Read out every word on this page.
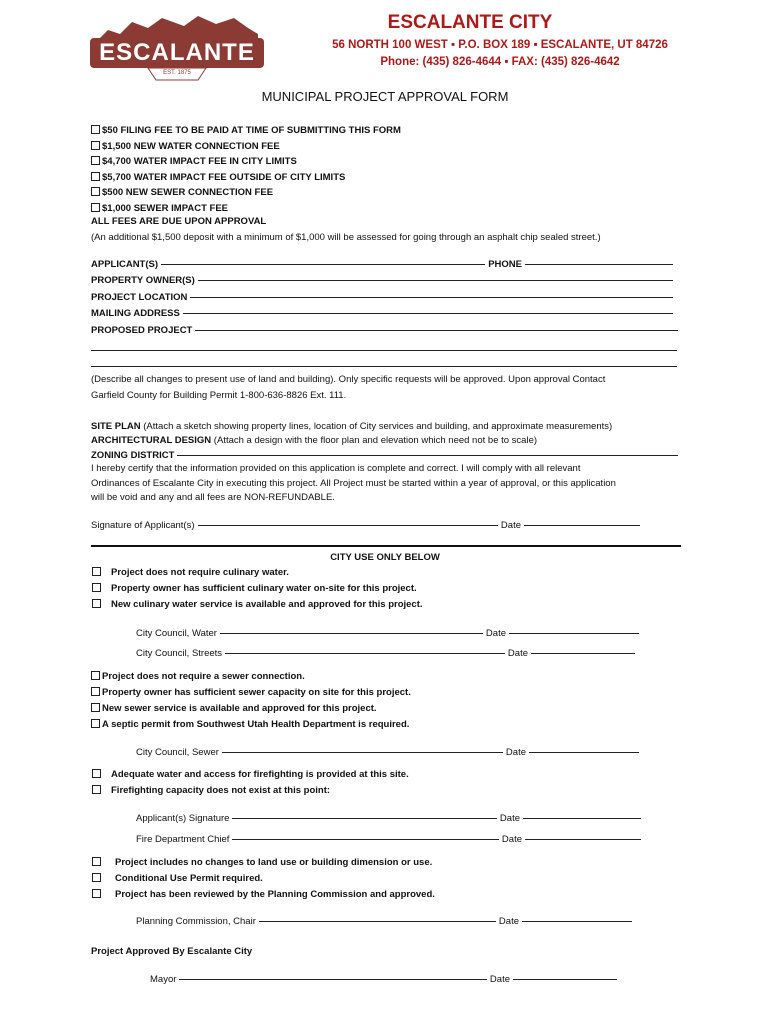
ESCALANTE
EST. 1875
ESCALANTE CITY
56 NORTH 100 WEST ▪ P.O. BOX 189 ▪ ESCALANTE, UT 84726
Phone: (435) 826-4644 ▪ FAX: (435) 826-4642
MUNICIPAL PROJECT APPROVAL FORM
$50 FILING FEE TO BE PAID AT TIME OF SUBMITTING THIS FORM
$1,500 NEW WATER CONNECTION FEE
$4,700 WATER IMPACT FEE IN CITY LIMITS
$5,700 WATER IMPACT FEE OUTSIDE OF CITY LIMITS
$500 NEW SEWER CONNECTION FEE
$1,000 SEWER IMPACT FEE
ALL FEES ARE DUE UPON APPROVAL
(An additional $1,500 deposit with a minimum of $1,000 will be assessed for going through an asphalt chip sealed street.)
APPLICANT(S)	PHONE
PROPERTY OWNER(S)
PROJECT LOCATION
MAILING ADDRESS
PROPOSED PROJECT
(Describe all changes to present use of land and building). Only specific requests will be approved. Upon approval Contact
Garfield County for Building Permit 1-800-636-8826 Ext. 111.
SITE PLAN (Attach a sketch showing property lines, location of City services and building, and approximate measurements)
ARCHITECTURAL DESIGN (Attach a design with the floor plan and elevation which need not be to scale)
ZONING DISTRICT
I hereby certify that the information provided on this application is complete and correct. I will comply with all relevant
Ordinances of Escalante City in executing this project. All Project must be started within a year of approval, or this application
will be void and any and all fees are NON-REFUNDABLE.
Signature of Applicant(s)	Date
CITY USE ONLY BELOW
Project does not require culinary water.
Property owner has sufficient culinary water on-site for this project.
New culinary water service is available and approved for this project.
City Council, Water	Date
City Council, Streets	Date
Project does not require a sewer connection.
Property owner has sufficient sewer capacity on site for this project.
New sewer service is available and approved for this project.
A septic permit from Southwest Utah Health Department is required.
City Council, Sewer	Date
Adequate water and access for firefighting is provided at this site.
Firefighting capacity does not exist at this point:
Applicant(s) Signature	Date
Fire Department Chief	Date
Project includes no changes to land use or building dimension or use.
Conditional Use Permit required.
Project has been reviewed by the Planning Commission and approved.
Planning Commission, Chair	Date
Project Approved By Escalante City
Mayor	Date
